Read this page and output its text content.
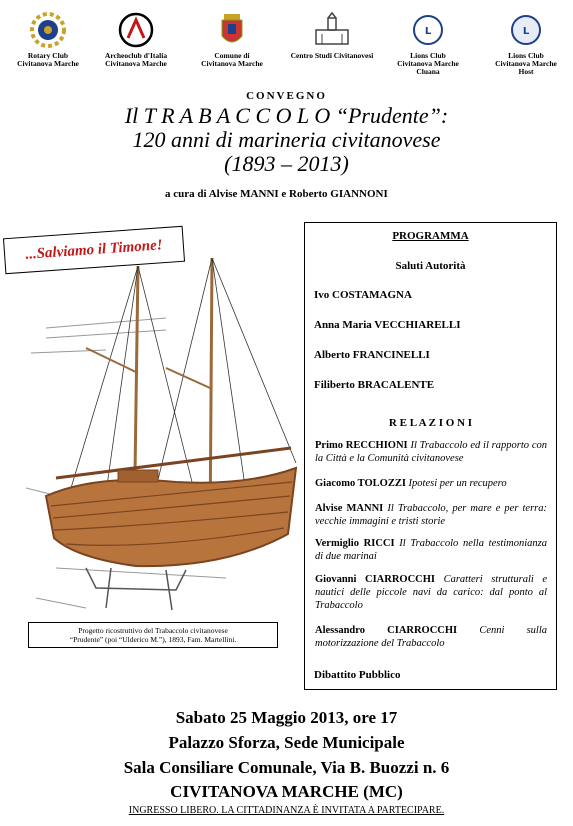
Rotary Club
Civitanova Marche
Archeoclub d'Italia
Civitanova Marche
Comune di
Civitanova Marche
Centro Studi Civitanovesi
L
Lions Club
Civitanova Marche
Cluana
L
Lions Club
Civitanova Marche
Host
CONVEGNO
Il T R A B A C C O L O “Prudente”:
120 anni di marineria civitanovese
(1893 – 2013)
a cura di Alvise MANNI e Roberto GIANNONI
...Salviamo il Timone!
Progetto ricostruttivo del Trabaccolo civitanovese
“Prudente” (poi “Ulderico M.”), 1893, Fam. Martellini.
PROGRAMMA
Saluti Autorità
Ivo COSTAMAGNA
Anna Maria VECCHIARELLI
Alberto FRANCINELLI
Filiberto BRACALENTE
R E L A Z I O N I
Primo RECCHIONI Il Trabaccolo ed il rapporto con la Città e la Comunità civitanovese
Giacomo TOLOZZI Ipotesi per un recupero
Alvise MANNI Il Trabaccolo, per mare e per terra: vecchie immagini e tristi storie
Vermiglio RICCI Il Trabaccolo nella testimonianza di due marinai
Giovanni CIARROCCHI Caratteri strutturali e nautici delle piccole navi da carico: dal ponto al Trabaccolo
Alessandro CIARROCCHI Cenni sulla motorizzazione del Trabaccolo
Dibattito Pubblico
Sabato 25 Maggio 2013, ore 17
Palazzo Sforza, Sede Municipale
Sala Consiliare Comunale, Via B. Buozzi n. 6
CIVITANOVA MARCHE (MC)
INGRESSO LIBERO. LA CITTADINANZA È INVITATA A PARTECIPARE.
